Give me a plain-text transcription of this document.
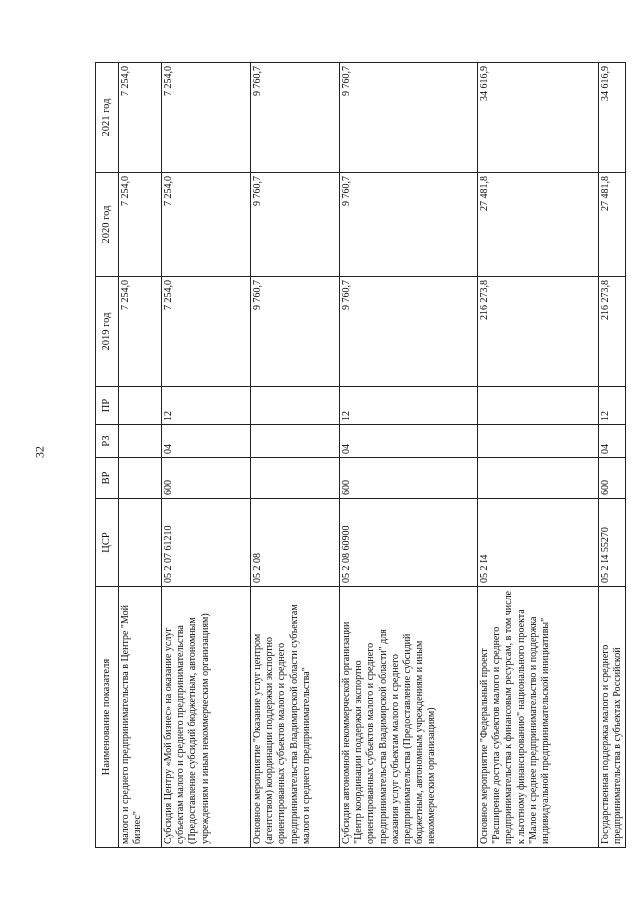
32
Наименование показателя	ЦСР	ВР	РЗ	ПР	2019 год	2020 год	2021 год
малого и среднего предпринимательства в Центре "Мой бизнес"					7 254,0	7 254,0	7 254,0
Субсидия Центру «Мой бизнес» на оказание услуг субъектам малого и среднего предпринимательства (Предоставление субсидий бюджетным, автономным учреждениям и иным некоммерческим организациям)	05 2 07 61210	600	04	12	7 254,0	7 254,0	7 254,0
Основное мероприятие "Оказание услуг центром (агентством) координации поддержки экспортно ориентированных субъектов малого и среднего предпринимательства Владимирской области субъектам малого и среднего предпринимательства"	05 2 08				9 760,7	9 760,7	9 760,7
Субсидия автономной некоммерческой организации "Центр координации поддержки экспортно ориентированных субъектов малого и среднего предпринимательства Владимирской области" для оказания услуг субъектам малого и среднего предпринимательства (Предоставление субсидий бюджетным, автономным учреждениям и иным некоммерческим организациям)	05 2 08 60900	600	04	12	9 760,7	9 760,7	9 760,7
Основное мероприятие "Федеральный проект "Расширение доступа субъектов малого и среднего предпринимательства к финансовым ресурсам, в том числе к льготному финансированию" национального проекта "Малое и среднее предпринимательство и поддержка индивидуальной предпринимательской инициативы"	05 2 I4				216 273,8	27 481,8	34 616,9
Государственная поддержка малого и среднего предпринимательства в субъектах Российской	05 2 I4 55270	600	04	12	216 273,8	27 481,8	34 616,9
